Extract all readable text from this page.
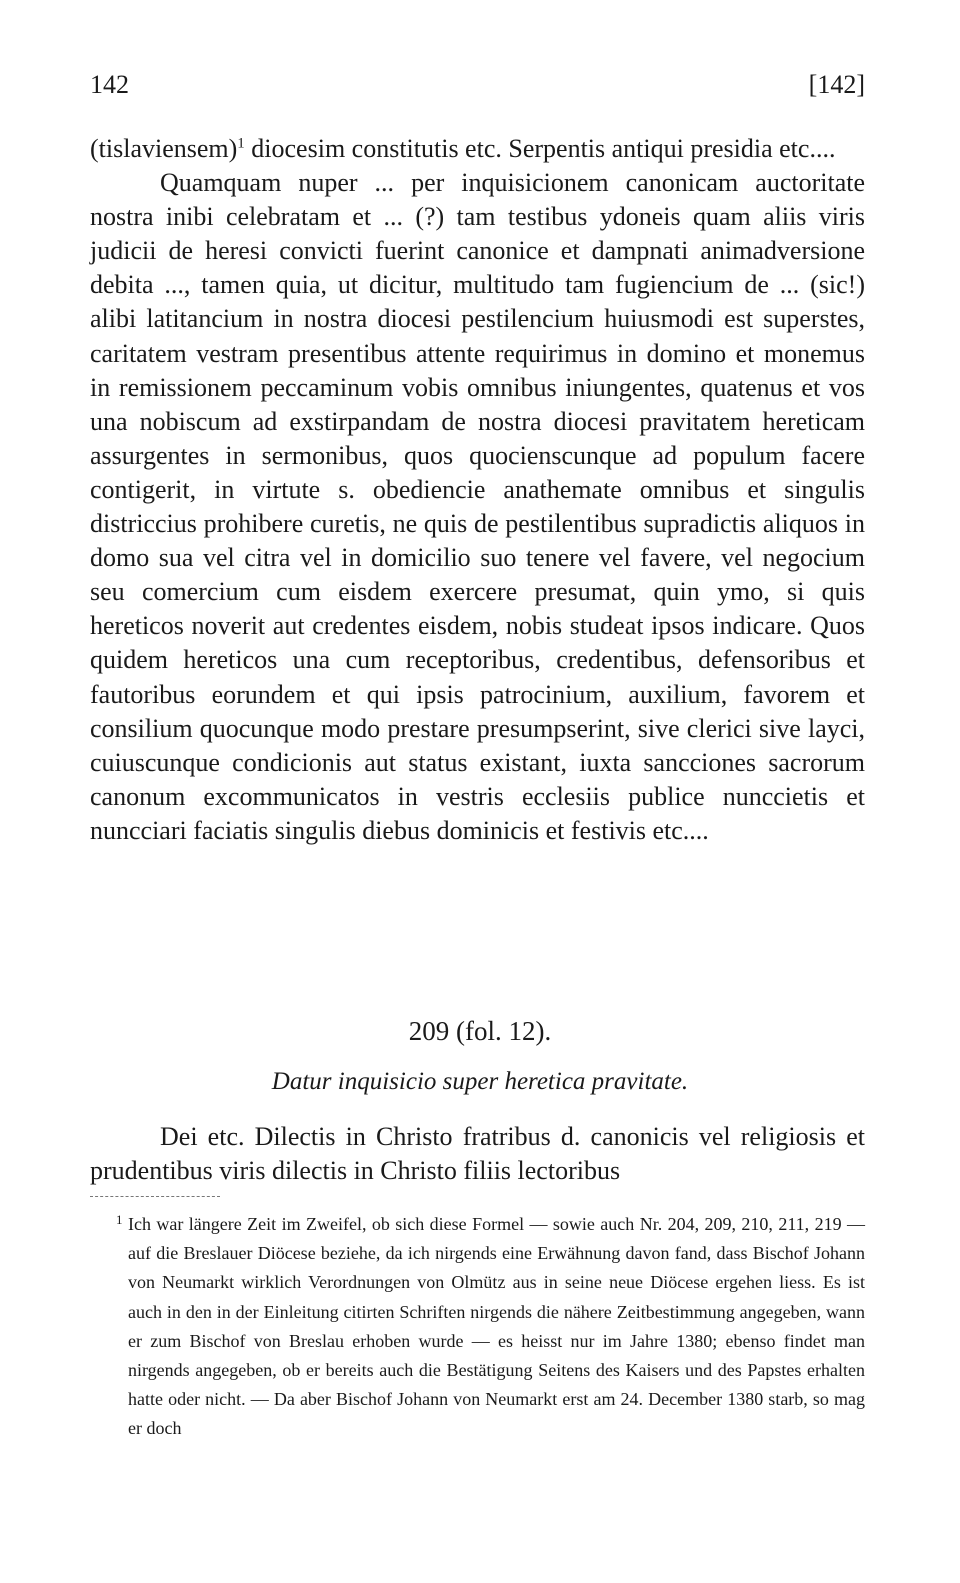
142	[142]

(tislaviensem)$^1$ diocesim constitutis etc. Serpentis antiqui presidia etc....

Quamquam nuper ... per inquisicionem canonicam auctoritate nostra inibi celebratam et ... (?) tam testibus ydoneis quam aliis viris judicii de heresi convicti fuerint canonice et dampnati animadversione debita ..., tamen quia, ut dicitur, multitudo tam fugiencium de ... (sic!) alibi latitancium in nostra diocesi pestilencium huiusmodi est superstes, caritatem vestram presentibus attente requirimus in domino et monemus in remissionem peccaminum vobis omnibus iniungentes, quatenus et vos una nobiscum ad exstirpandam de nostra diocesi pravitatem hereticam assurgentes in sermonibus, quos quocienscunque ad populum facere contigerit, in virtute s. obediencie anathemate omnibus et singulis districcius prohibere curetis, ne quis de pestilentibus supradictis aliquos in domo sua vel citra vel in domicilio suo tenere vel favere, vel negocium seu comercium cum eisdem exercere presumat, quin ymo, si quis hereticos noverit aut credentes eisdem, nobis studeat ipsos indicare. Quos quidem hereticos una cum receptoribus, credentibus, defensoribus et fautoribus eorundem et qui ipsis patrocinium, auxilium, favorem et consilium quocunque modo prestare presumpserint, sive clerici sive layci, cuiuscunque condicionis aut status existant, iuxta sancciones sacrorum canonum excommunicatos in vestris ecclesiis publice nunccietis et nuncciari faciatis singulis diebus dominicis et festivis etc....

209 (fol. 12).
Datur inquisicio super heretica pravitate.

Dei etc. Dilectis in Christo fratribus d. canonicis vel religiosis et prudentibus viris dilectis in Christo filiis lectoribus

1 Ich war längere Zeit im Zweifel, ob sich diese Formel — sowie auch Nr. 204, 209, 210, 211, 219 — auf die Breslauer Diöcese beziehe, da ich nirgends eine Erwähnung davon fand, dass Bischof Johann von Neumarkt wirklich Verordnungen von Olmütz aus in seine neue Diöcese ergehen liess. Es ist auch in den in der Einleitung citirten Schriften nirgends die nähere Zeitbestimmung angegeben, wann er zum Bischof von Breslau erhoben wurde — es heisst nur im Jahre 1380; ebenso findet man nirgends angegeben, ob er bereits auch die Bestätigung Seitens des Kaisers und des Papstes erhalten hatte oder nicht. — Da aber Bischof Johann von Neumarkt erst am 24. December 1380 starb, so mag er doch
